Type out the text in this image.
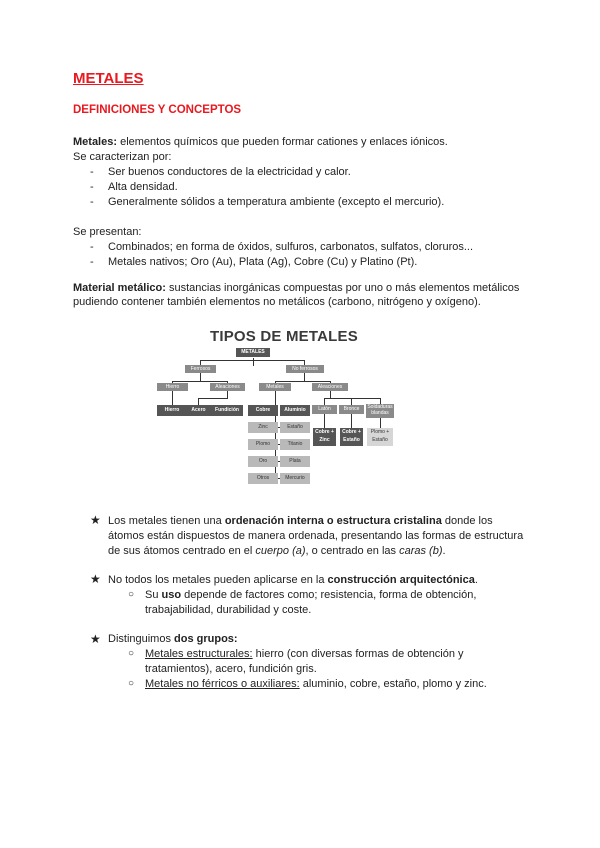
METALES
DEFINICIONES Y CONCEPTOS
Metales: elementos químicos que pueden formar cationes y enlaces iónicos.
Se caracterizan por:
- Ser buenos conductores de la electricidad y calor.
- Alta densidad.
- Generalmente sólidos a temperatura ambiente (excepto el mercurio).
Se presentan:
- Combinados; en forma de óxidos, sulfuros, carbonatos, sulfatos, cloruros...
- Metales nativos; Oro (Au), Plata (Ag), Cobre (Cu) y Platino (Pt).
Material metálico: sustancias inorgánicas compuestas por uno o más elementos metálicos
pudiendo contener también elementos no metálicos (carbono, nitrógeno y oxígeno).
TIPOS DE METALES
METALES
Ferrosos	No ferrosos
Hierro	Aleaciones	Metales	Aleaciones
Hierro	Acero	Fundición	Cobre	Aluminio
Zinc	Estaño
Plomo	Titanio
Oro	Plata
Otros	Mercurio
Latón	Bronce	Soldaduras blandas
Cobre + Zinc
Cobre + Estaño
Plomo + Estaño
★ Los metales tienen una ordenación interna o estructura cristalina donde los
átomos están dispuestos de manera ordenada, presentando las formas de estructura
de sus átomos centrado en el cuerpo (a), o centrado en las caras (b).
★ No todos los metales pueden aplicarse en la construcción arquitectónica.
○ Su uso depende de factores como; resistencia, forma de obtención,
trabajabilidad, durabilidad y coste.
★ Distinguimos dos grupos:
○ Metales estructurales: hierro (con diversas formas de obtención y
tratamientos), acero, fundición gris.
○ Metales no férricos o auxiliares: aluminio, cobre, estaño, plomo y zinc.
